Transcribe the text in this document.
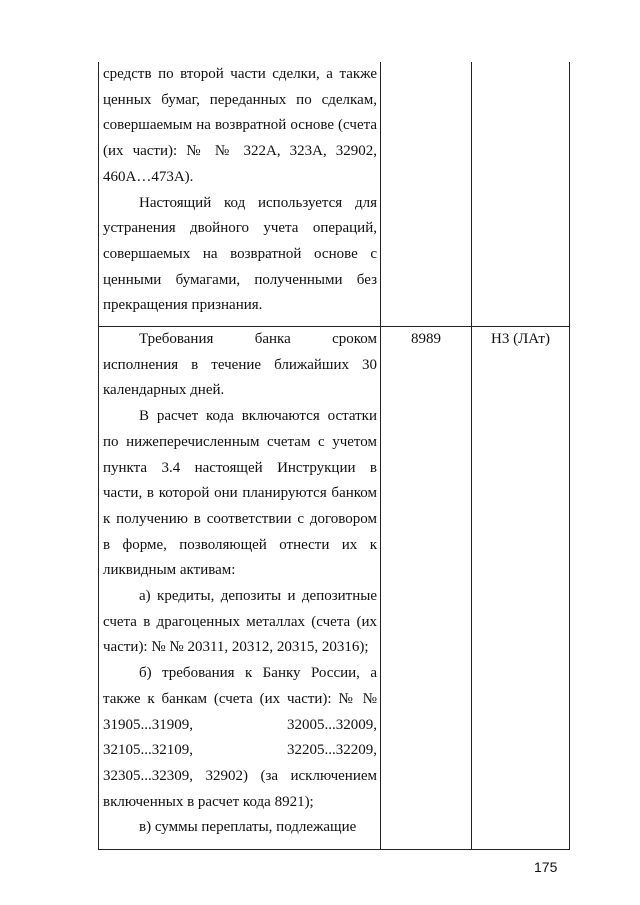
средств по второй части сделки, а также ценных бумаг, переданных по сделкам, совершаемым на возвратной основе (счета (их части): № № 322А, 323А, 32902, 460А…473А).

Настоящий код используется для устранения двойного учета операций, совершаемых на возвратной основе с ценными бумагами, полученными без прекращения признания.

Требования банка сроком исполнения в течение ближайших 30 календарных дней.

В расчет кода включаются остатки по нижеперечисленным счетам с учетом пункта 3.4 настоящей Инструкции в части, в которой они планируются банком к получению в соответствии с договором в форме, позволяющей отнести их к ликвидным активам:

а) кредиты, депозиты и депозитные счета в драгоценных металлах (счета (их части): № № 20311, 20312, 20315, 20316);

б) требования к Банку России, а также к банкам (счета (их части): № № 31905...31909, 32005...32009, 32105...32109, 32205...32209, 32305...32309, 32902) (за исключением включенных в расчет кода 8921);

в) суммы переплаты, подлежащие

8989	Н3 (ЛАт)
175
